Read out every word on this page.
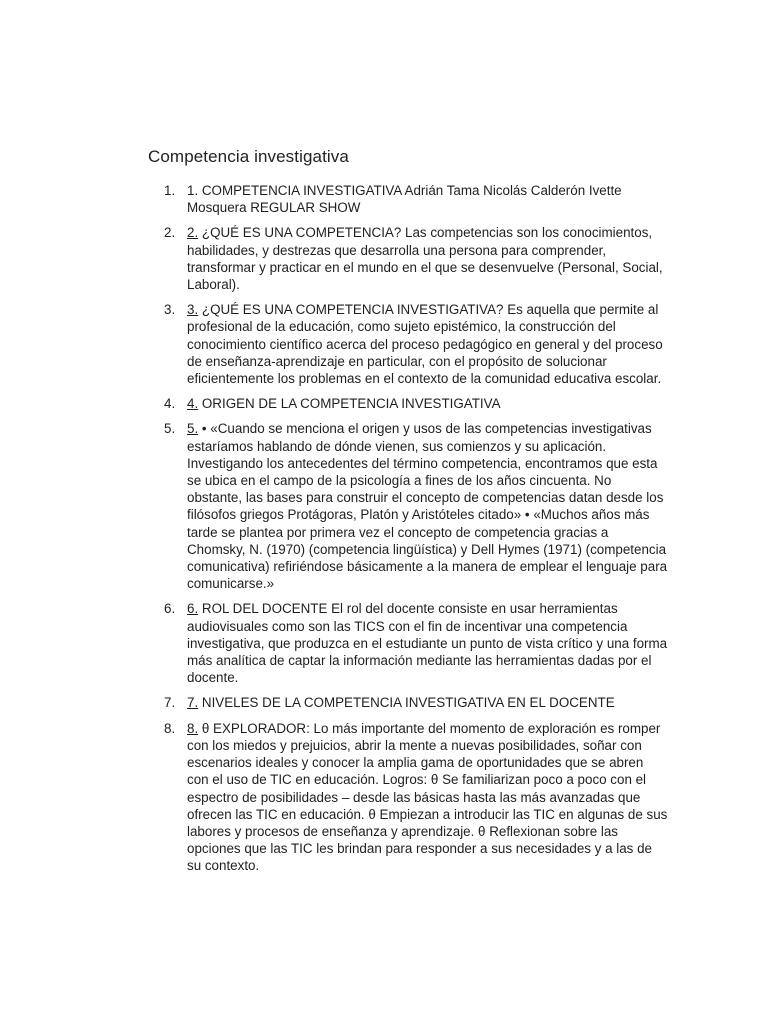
Competencia investigativa
1. 1. COMPETENCIA INVESTIGATIVA Adrián Tama Nicolás Calderón Ivette Mosquera REGULAR SHOW
2. 2. ¿QUÉ ES UNA COMPETENCIA? Las competencias son los conocimientos, habilidades, y destrezas que desarrolla una persona para comprender, transformar y practicar en el mundo en el que se desenvuelve (Personal, Social, Laboral).
3. 3. ¿QUÉ ES UNA COMPETENCIA INVESTIGATIVA? Es aquella que permite al profesional de la educación, como sujeto epistémico, la construcción del conocimiento científico acerca del proceso pedagógico en general y del proceso de enseñanza-aprendizaje en particular, con el propósito de solucionar eficientemente los problemas en el contexto de la comunidad educativa escolar.
4. 4. ORIGEN DE LA COMPETENCIA INVESTIGATIVA
5. 5. • «Cuando se menciona el origen y usos de las competencias investigativas estaríamos hablando de dónde vienen, sus comienzos y su aplicación. Investigando los antecedentes del término competencia, encontramos que esta se ubica en el campo de la psicología a fines de los años cincuenta. No obstante, las bases para construir el concepto de competencias datan desde los filósofos griegos Protágoras, Platón y Aristóteles citado» • «Muchos años más tarde se plantea por primera vez el concepto de competencia gracias a Chomsky, N. (1970) (competencia lingüística) y Dell Hymes (1971) (competencia comunicativa) refiriéndose básicamente a la manera de emplear el lenguaje para comunicarse.»
6. 6. ROL DEL DOCENTE El rol del docente consiste en usar herramientas audiovisuales como son las TICS con el fin de incentivar una competencia investigativa, que produzca en el estudiante un punto de vista crítico y una forma más analítica de captar la información mediante las herramientas dadas por el docente.
7. 7. NIVELES DE LA COMPETENCIA INVESTIGATIVA EN EL DOCENTE
8. 8. θ EXPLORADOR: Lo más importante del momento de exploración es romper con los miedos y prejuicios, abrir la mente a nuevas posibilidades, soñar con escenarios ideales y conocer la amplia gama de oportunidades que se abren con el uso de TIC en educación. Logros: θ Se familiarizan poco a poco con el espectro de posibilidades – desde las básicas hasta las más avanzadas que ofrecen las TIC en educación. θ Empiezan a introducir las TIC en algunas de sus labores y procesos de enseñanza y aprendizaje. θ Reflexionan sobre las opciones que las TIC les brindan para responder a sus necesidades y a las de su contexto.
